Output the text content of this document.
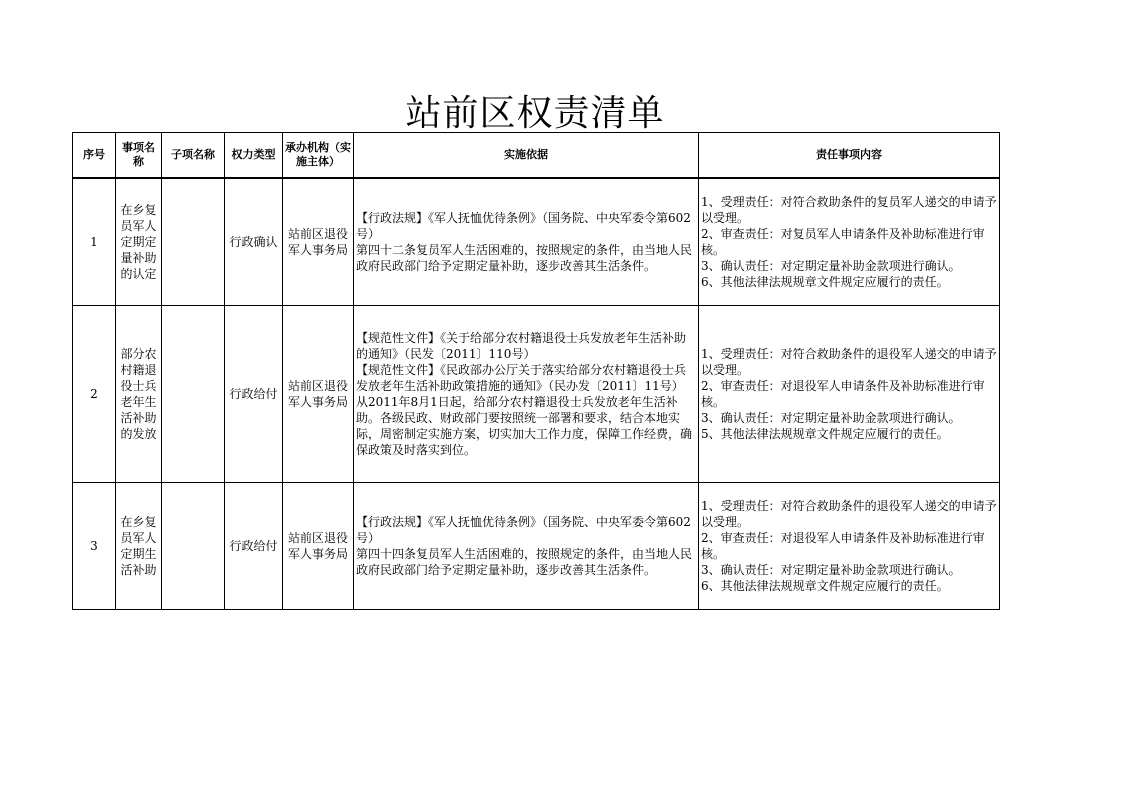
站前区权责清单
序号	事项名称	子项名称	权力类型	承办机构（实施主体）	实施依据	责任事项内容
1	在乡复员军人定期定量补助的认定		行政确认	站前区退役军人事务局	【行政法规】《军人抚恤优待条例》（国务院、中央军委令第602号）
第四十二条复员军人生活困难的，按照规定的条件，由当地人民政府民政部门给予定期定量补助，逐步改善其生活条件。	1、受理责任：对符合救助条件的复员军人递交的申请予以受理。
2、审查责任：对复员军人申请条件及补助标准进行审核。
3、确认责任：对定期定量补助金款项进行确认。
6、其他法律法规规章文件规定应履行的责任。

2	部分农村籍退役士兵老年生活补助的发放		行政给付	站前区退役军人事务局	【规范性文件】《关于给部分农村籍退役士兵发放老年生活补助的通知》（民发〔2011〕110号）
【规范性文件】《民政部办公厅关于落实给部分农村籍退役士兵发放老年生活补助政策措施的通知》（民办发〔2011〕11号）
从2011年8月1日起，给部分农村籍退役士兵发放老年生活补助。各级民政、财政部门要按照统一部署和要求，结合本地实际，周密制定实施方案，切实加大工作力度，保障工作经费，确保政策及时落实到位。	1、受理责任：对符合救助条件的退役军人递交的申请予以受理。
2、审查责任：对退役军人申请条件及补助标准进行审核。
3、确认责任：对定期定量补助金款项进行确认。
5、其他法律法规规章文件规定应履行的责任。

3	在乡复员军人定期生活补助		行政给付	站前区退役军人事务局	【行政法规】《军人抚恤优待条例》（国务院、中央军委令第602号）
第四十四条复员军人生活困难的，按照规定的条件，由当地人民政府民政部门给予定期定量补助，逐步改善其生活条件。	1、受理责任：对符合救助条件的退役军人递交的申请予以受理。
2、审查责任：对退役军人申请条件及补助标准进行审核。
3、确认责任：对定期定量补助金款项进行确认。
6、其他法律法规规章文件规定应履行的责任。
